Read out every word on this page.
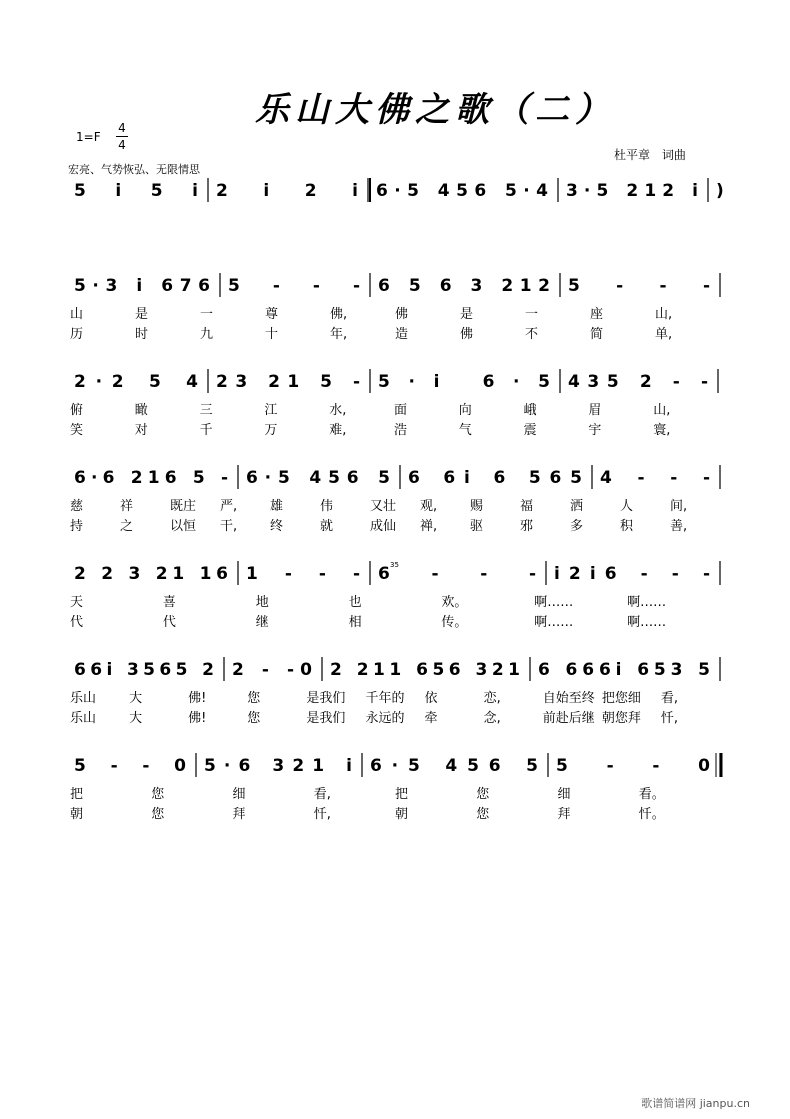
乐山大佛之歌（二）
1=F
4
4
杜平章 词曲
宏亮、气势恢弘、无限情思
5 i 5 i 2 i 2 i 6·5 456 5·4 3·5 212 i )
5·3 i 676 5 - - - 6 5 6 3 212 5 - - -
山	是	一	尊	佛,	佛	是	一	座	山,
历	时	九	十	年,	造	佛	不	简	单,
2·2 5 4 23 21 5 - 5·i 6·5 435 2 - -
俯	瞰	三	江	水,	面	向	峨	眉	山,
笑	对	千	万	难,	浩	气	震	宇	寰,
6·6 216 5 - 6·5 456 5 6 6i 6 565 4 - - -
慈	祥	既庄 严,	雄	伟	又壮 观,	赐	福	洒	人	间,
持	之	以恒 干,	终	就	成仙 禅,	驱	邪	多	积	善,
2 2 3 21 16 1 - - - 6 - - - i2i6 - - -
35
天	喜	地	也	欢。	啊……	啊……
代	代	继	相	传。	啊……	啊……
66i 3565 2 2 - -0 2 211 656 321 6 666i 653 5
乐山	大	佛!	您	是我们 千年的 依	恋,	自始至终 把您细 看,
乐山	大	佛!	您	是我们 永远的 牵	念,	前赴后继 朝您拜 忏,
5 - - 0 5·6 321 i 6·5 456 5 5 - - 0
把	您	细	看,	把	您	细	看。
朝	您	拜	忏,	朝	您	拜	忏。
歌谱简谱网 jianpu.cn
